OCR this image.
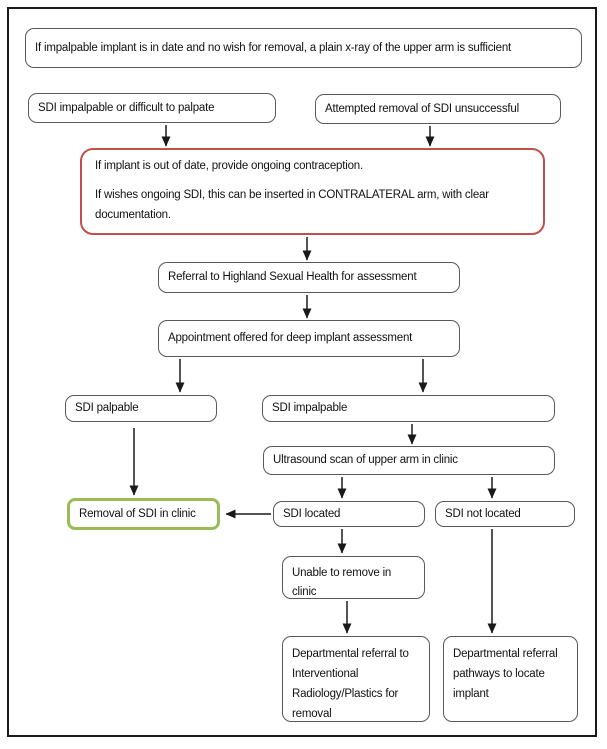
If impalpable implant is in date and no wish for removal, a plain x-ray of the upper arm is sufficient
SDI impalpable or difficult to palpate	Attempted removal of SDI unsuccessful

If implant is out of date, provide ongoing contraception.

If wishes ongoing SDI, this can be inserted in CONTRALATERAL arm, with clear documentation.

Referral to Highland Sexual Health for assessment
Appointment offered for deep implant assessment
SDI palpable	SDI impalpable
Ultrasound scan of upper arm in clinic
Removal of SDI in clinic	SDI located	SDI not located
Unable to remove in clinic
Departmental referral to Interventional Radiology/Plastics for removal
Departmental referral pathways to locate implant
